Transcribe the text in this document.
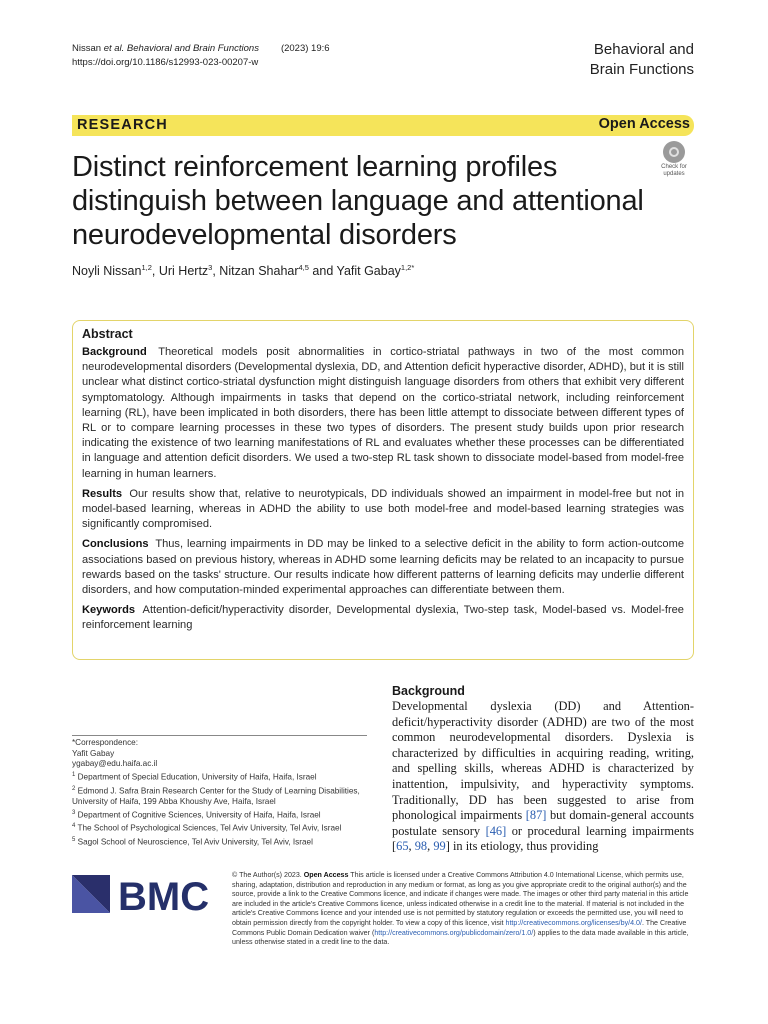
Nissan et al. Behavioral and Brain Functions (2023) 19:6
https://doi.org/10.1186/s12993-023-00207-w
Behavioral and
Brain Functions
RESEARCH	Open Access
Distinct reinforcement learning profiles distinguish between language and attentional neurodevelopmental disorders
Check for
updates
Noyli Nissan$^{1,2}$, Uri Hertz$^3$, Nitzan Shahar$^{4,5}$ and Yafit Gabay$^{1,2*}$
Abstract

Background Theoretical models posit abnormalities in cortico-striatal pathways in two of the most common neurodevelopmental disorders (Developmental dyslexia, DD, and Attention deficit hyperactive disorder, ADHD), but it is still unclear what distinct cortico-striatal dysfunction might distinguish language disorders from others that exhibit very different symptomatology. Although impairments in tasks that depend on the cortico-striatal network, including reinforcement learning (RL), have been implicated in both disorders, there has been little attempt to dissociate between different types of RL or to compare learning processes in these two types of disorders. The present study builds upon prior research indicating the existence of two learning manifestations of RL and evaluates whether these processes can be differentiated in language and attention deficit disorders. We used a two-step RL task shown to dissociate model-based from model-free learning in human learners.

Results Our results show that, relative to neurotypicals, DD individuals showed an impairment in model-free but not in model-based learning, whereas in ADHD the ability to use both model-free and model-based learning strategies was significantly compromised.

Conclusions Thus, learning impairments in DD may be linked to a selective deficit in the ability to form action-outcome associations based on previous history, whereas in ADHD some learning deficits may be related to an incapacity to pursue rewards based on the tasks' structure. Our results indicate how different patterns of learning deficits may underlie different disorders, and how computation-minded experimental approaches can differentiate between them.

Keywords Attention-deficit/hyperactivity disorder, Developmental dyslexia, Two-step task, Model-based vs. Model-free reinforcement learning

*Correspondence:
Yafit Gabay
ygabay@edu.haifa.ac.il
$^1$ Department of Special Education, University of Haifa, Haifa, Israel
$^2$ Edmond J. Safra Brain Research Center for the Study of Learning Disabilities, University of Haifa, 199 Abba Khoushy Ave, Haifa, Israel
$^3$ Department of Cognitive Sciences, University of Haifa, Haifa, Israel
$^4$ The School of Psychological Sciences, Tel Aviv University, Tel Aviv, Israel
$^5$ Sagol School of Neuroscience, Tel Aviv University, Tel Aviv, Israel
Background

Developmental dyslexia (DD) and Attention-deficit/hyperactivity disorder (ADHD) are two of the most common neurodevelopmental disorders. Dyslexia is characterized by difficulties in acquiring reading, writing, and spelling skills, whereas ADHD is characterized by inattention, impulsivity, and hyperactivity symptoms. Traditionally, DD has been suggested to arise from phonological impairments [87] but domain-general accounts postulate sensory [46] or procedural learning impairments [65, 98, 99] in its etiology, thus providing

BMC	© The Author(s) 2023. Open Access This article is licensed under a Creative Commons Attribution 4.0 International License, which permits use, sharing, adaptation, distribution and reproduction in any medium or format, as long as you give appropriate credit to the original author(s) and the source, provide a link to the Creative Commons licence, and indicate if changes were made. The images or other third party material in this article are included in the article's Creative Commons licence, unless indicated otherwise in a credit line to the material. If material is not included in the article's Creative Commons licence and your intended use is not permitted by statutory regulation or exceeds the permitted use, you will need to obtain permission directly from the copyright holder. To view a copy of this licence, visit http://creativecommons.org/licenses/by/4.0/. The Creative Commons Public Domain Dedication waiver (http://creativecommons.org/publicdomain/zero/1.0/) applies to the data made available in this article, unless otherwise stated in a credit line to the data.
